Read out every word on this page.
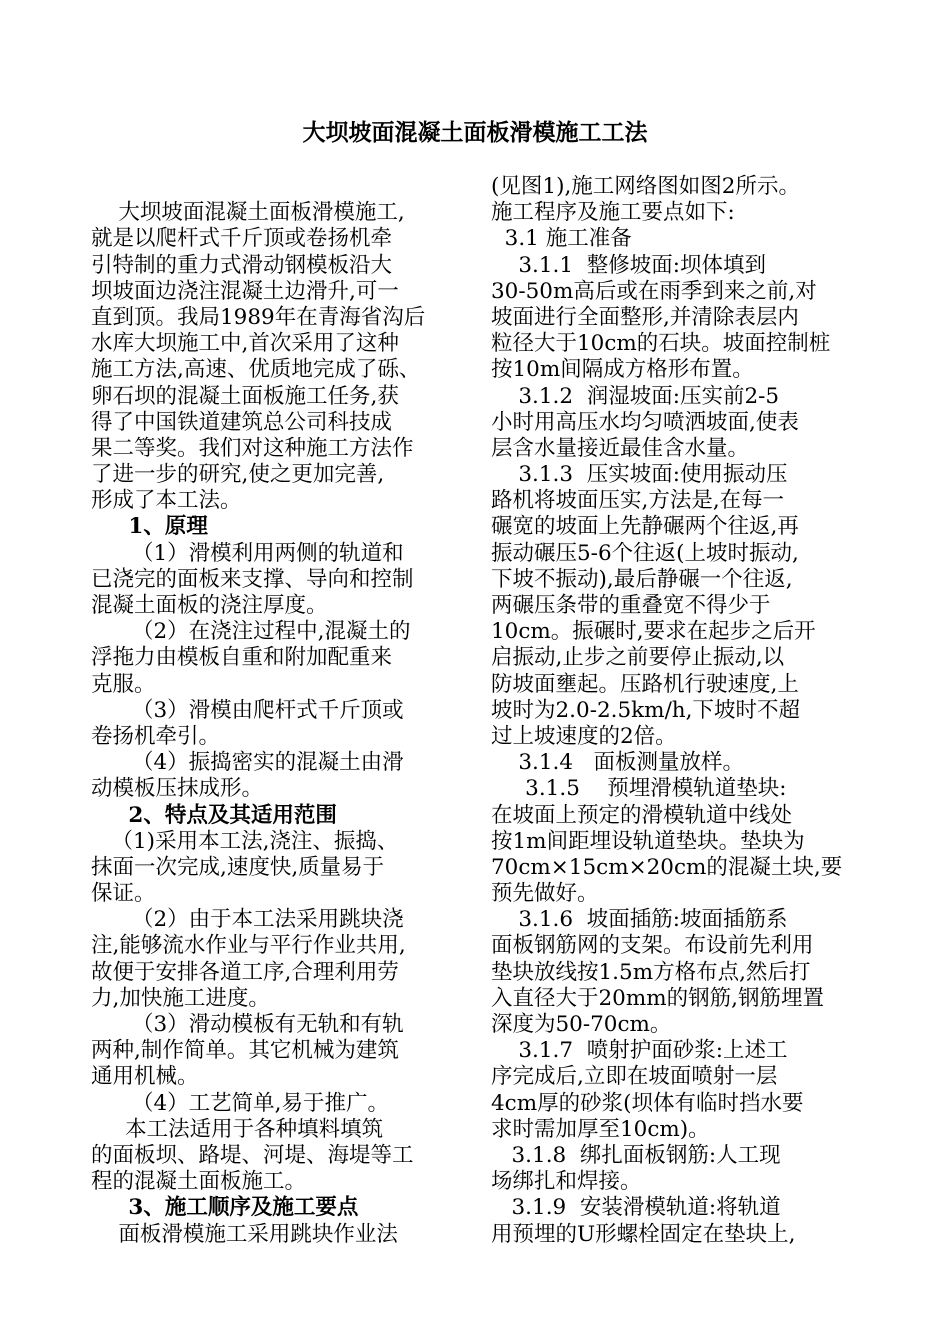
大坝坡面混凝土面板滑模施工工法
大坝坡面混凝土面板滑模施工,
就是以爬杆式千斤顶或卷扬机牵
引特制的重力式滑动钢模板沿大
坝坡面边浇注混凝土边滑升,可一
直到顶。我局1989年在青海省沟后
水库大坝施工中,首次采用了这种
施工方法,高速、优质地完成了砾、
卵石坝的混凝土面板施工任务,获
得了中国铁道建筑总公司科技成
果二等奖。我们对这种施工方法作
了进一步的研究,使之更加完善,
形成了本工法。
1、原理
（1）滑模利用两侧的轨道和
已浇完的面板来支撑、导向和控制
混凝土面板的浇注厚度。
（2）在浇注过程中,混凝土的
浮拖力由模板自重和附加配重来
克服。
（3）滑模由爬杆式千斤顶或
卷扬机牵引。
（4）振捣密实的混凝土由滑
动模板压抹成形。
2、特点及其适用范围
（1)采用本工法,浇注、振捣、
抹面一次完成,速度快,质量易于
保证。
（2）由于本工法采用跳块浇
注,能够流水作业与平行作业共用,
故便于安排各道工序,合理利用劳
力,加快施工进度。
（3）滑动模板有无轨和有轨
两种,制作简单。其它机械为建筑
通用机械。
（4）工艺简单,易于推广。
本工法适用于各种填料填筑
的面板坝、路堤、河堤、海堤等工
程的混凝土面板施工。
3、施工顺序及施工要点
面板滑模施工采用跳块作业法
(见图1),施工网络图如图2所示。
施工程序及施工要点如下:
3.1 施工准备
3.1.1  整修坡面:坝体填到
30-50m高后或在雨季到来之前,对
坡面进行全面整形,并清除表层内
粒径大于10cm的石块。坡面控制桩
按10m间隔成方格形布置。
3.1.2  润湿坡面:压实前2-5
小时用高压水均匀喷洒坡面,使表
层含水量接近最佳含水量。
3.1.3  压实坡面:使用振动压
路机将坡面压实,方法是,在每一
碾宽的坡面上先静碾两个往返,再
振动碾压5-6个往返(上坡时振动,
下坡不振动),最后静碾一个往返,
两碾压条带的重叠宽不得少于
10cm。振碾时,要求在起步之后开
启振动,止步之前要停止振动,以
防坡面壅起。压路机行驶速度,上
坡时为2.0-2.5km/h,下坡时不超
过上坡速度的2倍。
3.1.4   面板测量放样。
3.1.5    预埋滑模轨道垫块:
在坡面上预定的滑模轨道中线处
按1m间距埋设轨道垫块。垫块为
70cm×15cm×20cm的混凝土块,要
预先做好。
3.1.6  坡面插筋:坡面插筋系
面板钢筋网的支架。布设前先利用
垫块放线按1.5m方格布点,然后打
入直径大于20mm的钢筋,钢筋埋置
深度为50-70cm。
3.1.7  喷射护面砂浆:上述工
序完成后,立即在坡面喷射一层
4cm厚的砂浆(坝体有临时挡水要
求时需加厚至10cm)。
3.1.8  绑扎面板钢筋:人工现
场绑扎和焊接。
3.1.9  安装滑模轨道:将轨道
用预埋的U形螺栓固定在垫块上,
